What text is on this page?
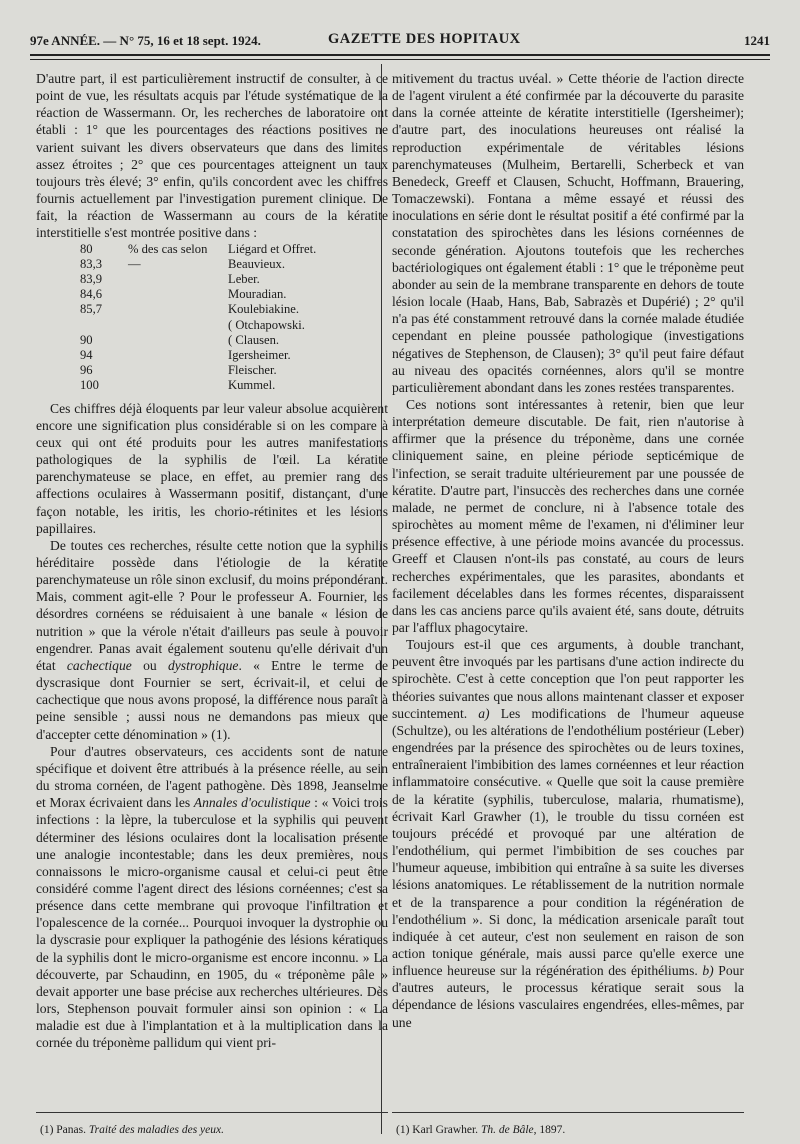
97e ANNÉE. — N° 75, 16 et 18 sept. 1924.	GAZETTE DES HOPITAUX	1241

D'autre part, il est particulièrement instructif de consulter, à ce point de vue, les résultats acquis par l'étude systématique de la réaction de Wassermann. Or, les recherches de laboratoire ont établi : 1° que les pourcentages des réactions positives ne varient suivant les divers observateurs que dans des limites assez étroites ; 2° que ces pourcentages atteignent un taux toujours très élevé; 3° enfin, qu'ils concordent avec les chiffres fournis actuellement par l'investigation purement clinique. De fait, la réaction de Wassermann au cours de la kératite interstitielle s'est montrée positive dans :

80	% des cas selon	Liégard et Offret.
83,3	—	Beauvieux.
83,9		Leber.
84,6		Mouradian.
85,7		Koulebiakine.
		( Otchapowski.
90		( Clausen.
94		Igersheimer.
96		Fleischer.
100		Kummel.

Ces chiffres déjà éloquents par leur valeur absolue acquièrent encore une signification plus considérable si on les compare à ceux qui ont été produits pour les autres manifestations pathologiques de la syphilis de l'œil. La kératite parenchymateuse se place, en effet, au premier rang des affections oculaires à Wassermann positif, distançant, d'une façon notable, les iritis, les chorio-rétinites et les lésions papillaires.

De toutes ces recherches, résulte cette notion que la syphilis héréditaire possède dans l'étiologie de la kératite parenchymateuse un rôle sinon exclusif, du moins prépondérant. Mais, comment agit-elle ? Pour le professeur A. Fournier, les désordres cornéens se réduisaient à une banale « lésion de nutrition » que la vérole n'était d'ailleurs pas seule à pouvoir engendrer. Panas avait également soutenu qu'elle dérivait d'un état cachectique ou dystrophique. « Entre le terme de dyscrasique dont Fournier se sert, écrivait-il, et celui de cachectique que nous avons proposé, la différence nous paraît à peine sensible ; aussi nous ne demandons pas mieux que d'accepter cette dénomination » (1).

Pour d'autres observateurs, ces accidents sont de nature spécifique et doivent être attribués à la présence réelle, au sein du stroma cornéen, de l'agent pathogène. Dès 1898, Jeanselme et Morax écrivaient dans les Annales d'oculistique : « Voici trois infections : la lèpre, la tuberculose et la syphilis qui peuvent déterminer des lésions oculaires dont la localisation présente une analogie incontestable; dans les deux premières, nous connaissons le micro-organisme causal et celui-ci peut être considéré comme l'agent direct des lésions cornéennes; c'est sa présence dans cette membrane qui provoque l'infiltration et l'opalescence de la cornée... Pourquoi invoquer la dystrophie ou la dyscrasie pour expliquer la pathogénie des lésions kératiques de la syphilis dont le micro-organisme est encore inconnu. » La découverte, par Schaudinn, en 1905, du « tréponème pâle » devait apporter une base précise aux recherches ultérieures. Dès lors, Stephenson pouvait formuler ainsi son opinion : « La maladie est due à l'implantation et à la multiplication dans la cornée du tréponème pallidum qui vient pri-

mitivement du tractus uvéal. » Cette théorie de l'action directe de l'agent virulent a été confirmée par la découverte du parasite dans la cornée atteinte de kératite interstitielle (Igersheimer); d'autre part, des inoculations heureuses ont réalisé la reproduction expérimentale de véritables lésions parenchymateuses (Mulheim, Bertarelli, Scherbeck et van Benedeck, Greeff et Clausen, Schucht, Hoffmann, Brauering, Tomaczewski). Fontana a même essayé et réussi des inoculations en série dont le résultat positif a été confirmé par la constatation des spirochètes dans les lésions cornéennes de seconde génération. Ajoutons toutefois que les recherches bactériologiques ont également établi : 1° que le tréponème peut abonder au sein de la membrane transparente en dehors de toute lésion locale (Haab, Hans, Bab, Sabrazès et Dupérié) ; 2° qu'il n'a pas été constamment retrouvé dans la cornée malade étudiée cependant en pleine poussée pathologique (investigations négatives de Stephenson, de Clausen); 3° qu'il peut faire défaut au niveau des opacités cornéennes, alors qu'il se montre particulièrement abondant dans les zones restées transparentes.

Ces notions sont intéressantes à retenir, bien que leur interprétation demeure discutable. De fait, rien n'autorise à affirmer que la présence du tréponème, dans une cornée cliniquement saine, en pleine période septicémique de l'infection, se serait traduite ultérieurement par une poussée de kératite. D'autre part, l'insuccès des recherches dans une cornée malade, ne permet de conclure, ni à l'absence totale des spirochètes au moment même de l'examen, ni d'éliminer leur présence effective, à une période moins avancée du processus. Greeff et Clausen n'ont-ils pas constaté, au cours de leurs recherches expérimentales, que les parasites, abondants et facilement décelables dans les formes récentes, disparaissent dans les cas anciens parce qu'ils avaient été, sans doute, détruits par l'afflux phagocytaire.

Toujours est-il que ces arguments, à double tranchant, peuvent être invoqués par les partisans d'une action indirecte du spirochète. C'est à cette conception que l'on peut rapporter les théories suivantes que nous allons maintenant classer et exposer succintement. a) Les modifications de l'humeur aqueuse (Schultze), ou les altérations de l'endothélium postérieur (Leber) engendrées par la présence des spirochètes ou de leurs toxines, entraîneraient l'imbibition des lames cornéennes et leur réaction inflammatoire consécutive. « Quelle que soit la cause première de la kératite (syphilis, tuberculose, malaria, rhumatisme), écrivait Karl Grawher (1), le trouble du tissu cornéen est toujours précédé et provoqué par une altération de l'endothélium, qui permet l'imbibition de ses couches par l'humeur aqueuse, imbibition qui entraîne à sa suite les diverses lésions anatomiques. Le rétablissement de la nutrition normale et de la transparence a pour condition la régénération de l'endothélium ». Si donc, la médication arsenicale paraît tout indiquée à cet auteur, c'est non seulement en raison de son action tonique générale, mais aussi parce qu'elle exerce une influence heureuse sur la régénération des épithéliums. b) Pour d'autres auteurs, le processus kératique serait sous la dépendance de lésions vasculaires engendrées, elles-mêmes, par une

(1) Panas. Traité des maladies des yeux.	(1) Karl Grawher. Th. de Bâle, 1897.
